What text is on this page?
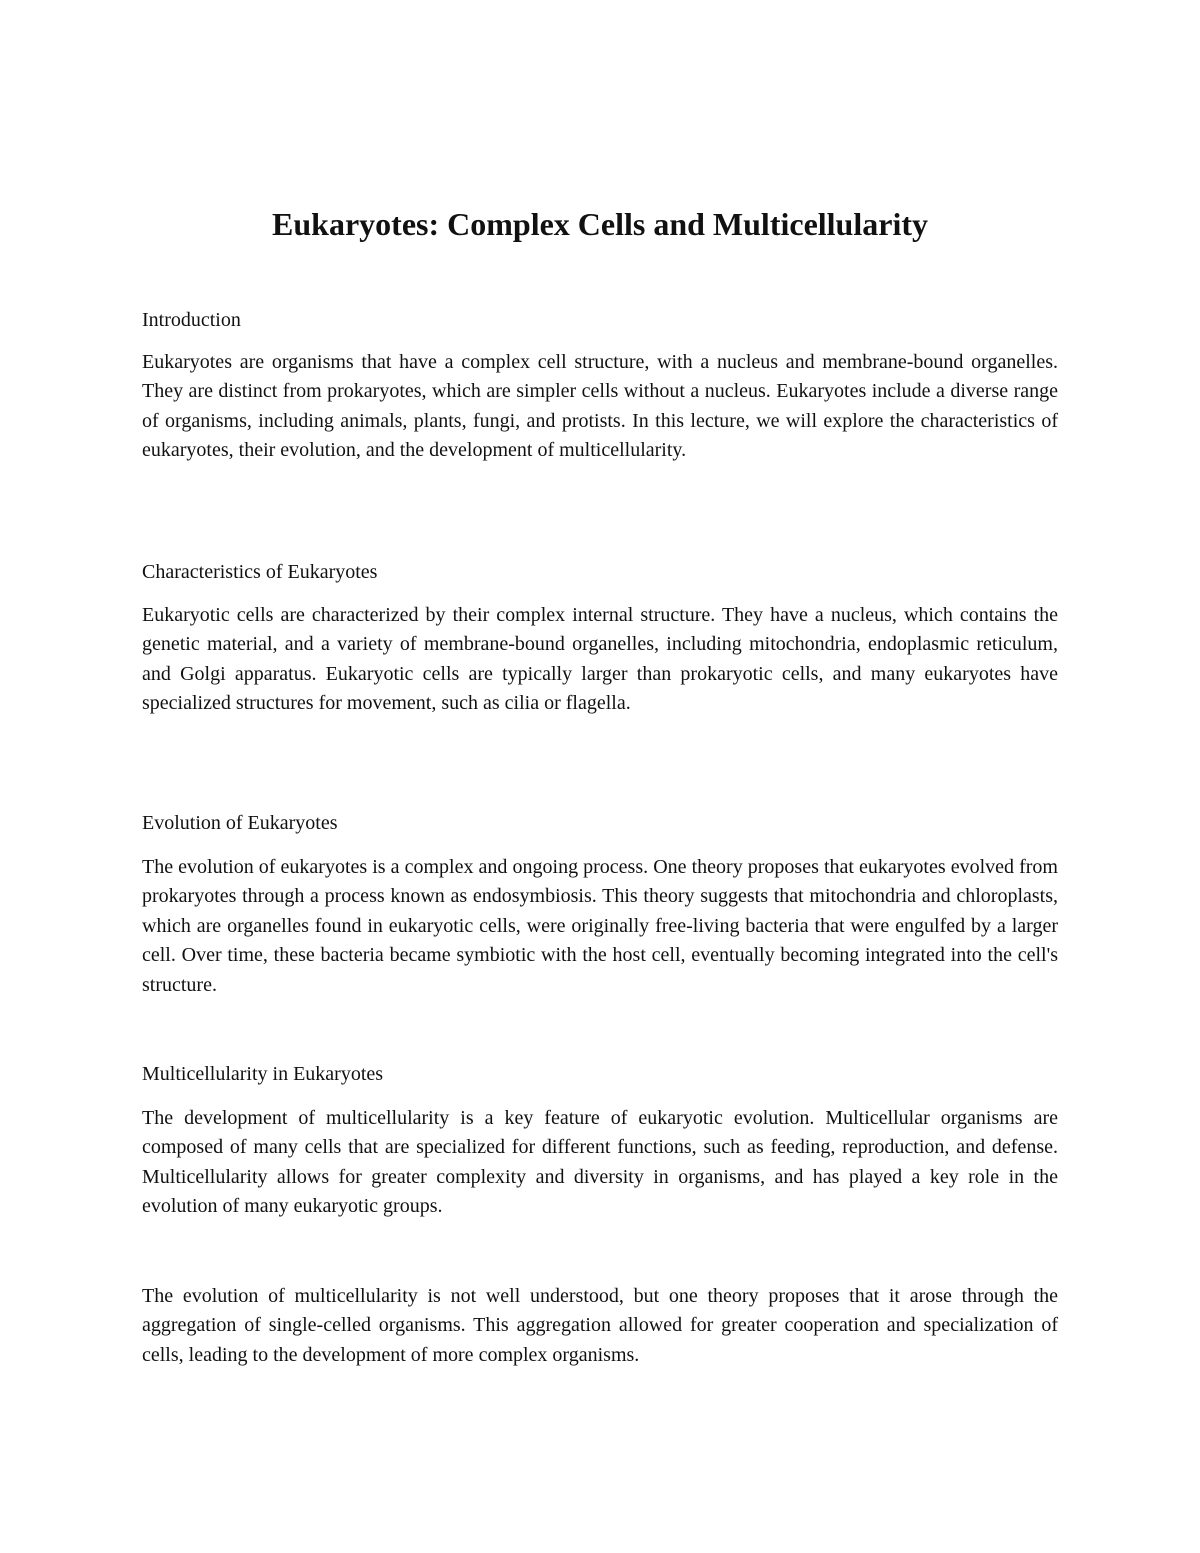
Eukaryotes: Complex Cells and Multicellularity
Introduction

Eukaryotes are organisms that have a complex cell structure, with a nucleus and membrane-bound organelles. They are distinct from prokaryotes, which are simpler cells without a nucleus. Eukaryotes include a diverse range of organisms, including animals, plants, fungi, and protists. In this lecture, we will explore the characteristics of eukaryotes, their evolution, and the development of multicellularity.

Characteristics of Eukaryotes

Eukaryotic cells are characterized by their complex internal structure. They have a nucleus, which contains the genetic material, and a variety of membrane-bound organelles, including mitochondria, endoplasmic reticulum, and Golgi apparatus. Eukaryotic cells are typically larger than prokaryotic cells, and many eukaryotes have specialized structures for movement, such as cilia or flagella.

Evolution of Eukaryotes

The evolution of eukaryotes is a complex and ongoing process. One theory proposes that eukaryotes evolved from prokaryotes through a process known as endosymbiosis. This theory suggests that mitochondria and chloroplasts, which are organelles found in eukaryotic cells, were originally free-living bacteria that were engulfed by a larger cell. Over time, these bacteria became symbiotic with the host cell, eventually becoming integrated into the cell's structure.

Multicellularity in Eukaryotes

The development of multicellularity is a key feature of eukaryotic evolution. Multicellular organisms are composed of many cells that are specialized for different functions, such as feeding, reproduction, and defense. Multicellularity allows for greater complexity and diversity in organisms, and has played a key role in the evolution of many eukaryotic groups.

The evolution of multicellularity is not well understood, but one theory proposes that it arose through the aggregation of single-celled organisms. This aggregation allowed for greater cooperation and specialization of cells, leading to the development of more complex organisms.
